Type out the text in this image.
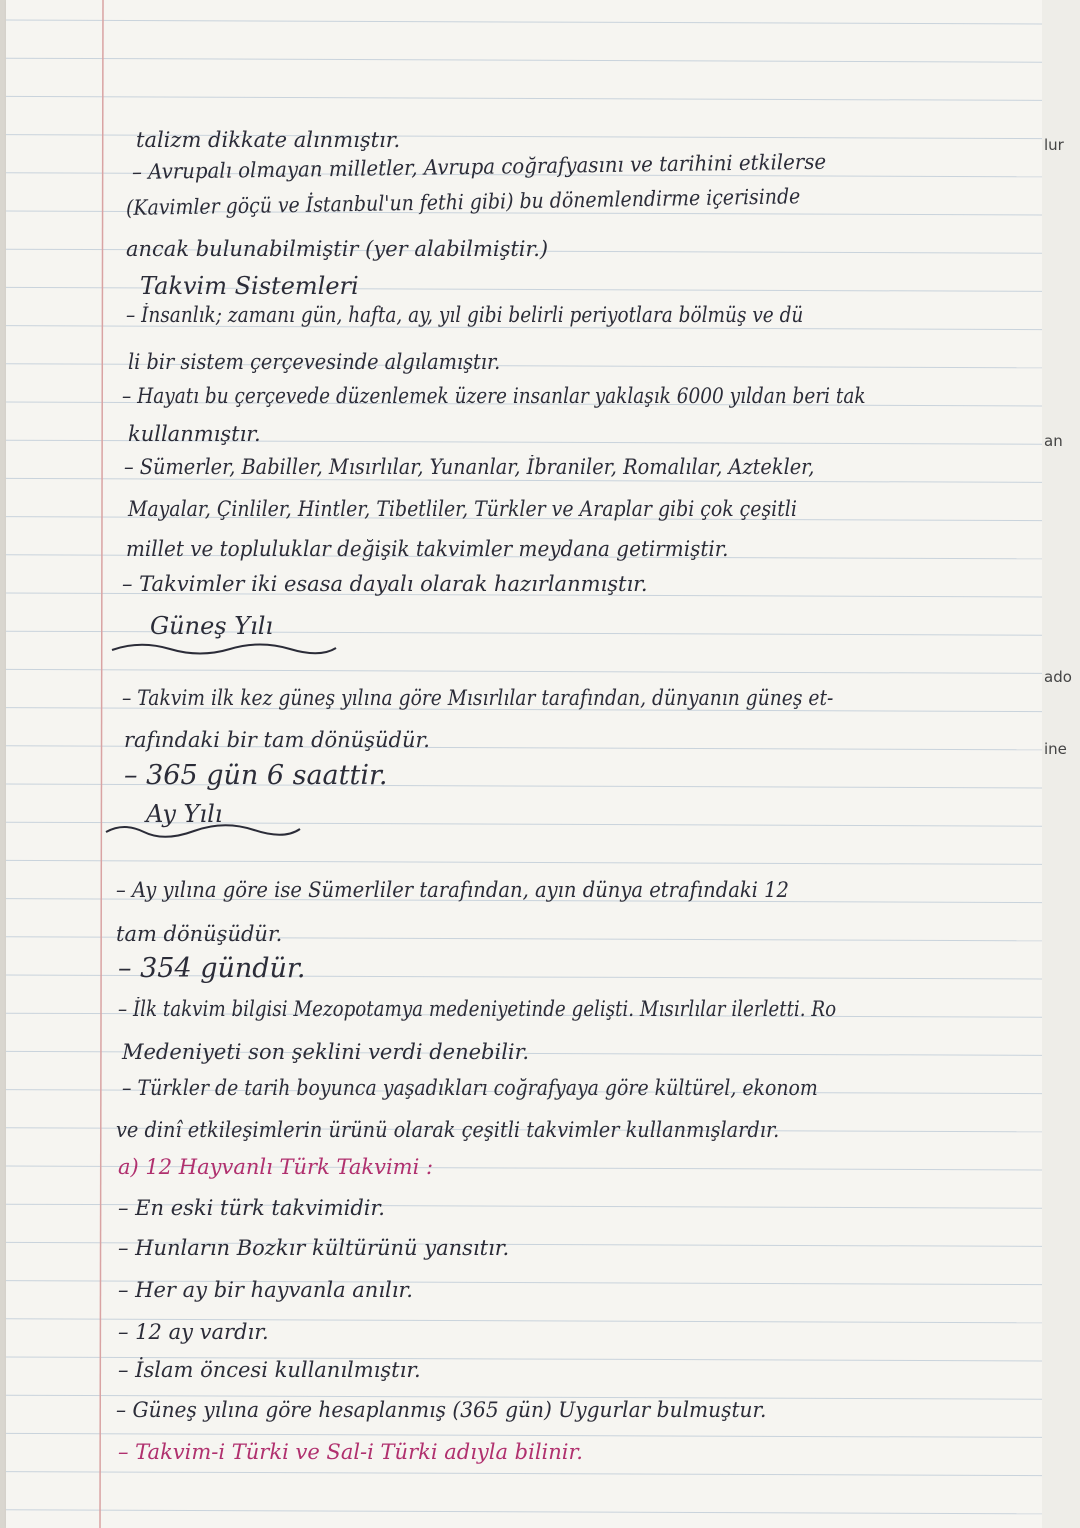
talizm dikkate alınmıştır.
– Avrupalı olmayan milletler, Avrupa coğrafyasını ve tarihini etkilerse
(Kavimler göçü ve İstanbul'un fethi gibi) bu dönemlendirme içerisinde
ancak bulunabilmiştir (yer alabilmiştir.)
Takvim Sistemleri
– İnsanlık; zamanı gün, hafta, ay, yıl gibi belirli periyotlara bölmüş ve dü
li bir sistem çerçevesinde algılamıştır.
– Hayatı bu çerçevede düzenlemek üzere insanlar yaklaşık 6000 yıldan beri tak
kullanmıştır.
– Sümerler, Babiller, Mısırlılar, Yunanlar, İbraniler, Romalılar, Aztekler,
Mayalar, Çinliler, Hintler, Tibetliler, Türkler ve Araplar gibi çok çeşitli
millet ve topluluklar değişik takvimler meydana getirmiştir.
– Takvimler iki esasa dayalı olarak hazırlanmıştır.
Güneş Yılı
– Takvim ilk kez güneş yılına göre Mısırlılar tarafından, dünyanın güneş et-
rafındaki bir tam dönüşüdür.
– 365 gün 6 saattir.
Ay Yılı
– Ay yılına göre ise Sümerliler tarafından, ayın dünya etrafındaki 12
tam dönüşüdür.
– 354 gündür.
– İlk takvim bilgisi Mezopotamya medeniyetinde gelişti. Mısırlılar ilerletti. Ro
Medeniyeti son şeklini verdi denebilir.
– Türkler de tarih boyunca yaşadıkları coğrafyaya göre kültürel, ekonom
ve dinî etkileşimlerin ürünü olarak çeşitli takvimler kullanmışlardır.
a) 12 Hayvanlı Türk Takvimi :
– En eski türk takvimidir.
– Hunların Bozkır kültürünü yansıtır.
– Her ay bir hayvanla anılır.
– 12 ay vardır.
– İslam öncesi kullanılmıştır.
– Güneş yılına göre hesaplanmış (365 gün) Uygurlar bulmuştur.
– Takvim-i Türki ve Sal-i Türki adıyla bilinir.
lur
an
ado
ine
